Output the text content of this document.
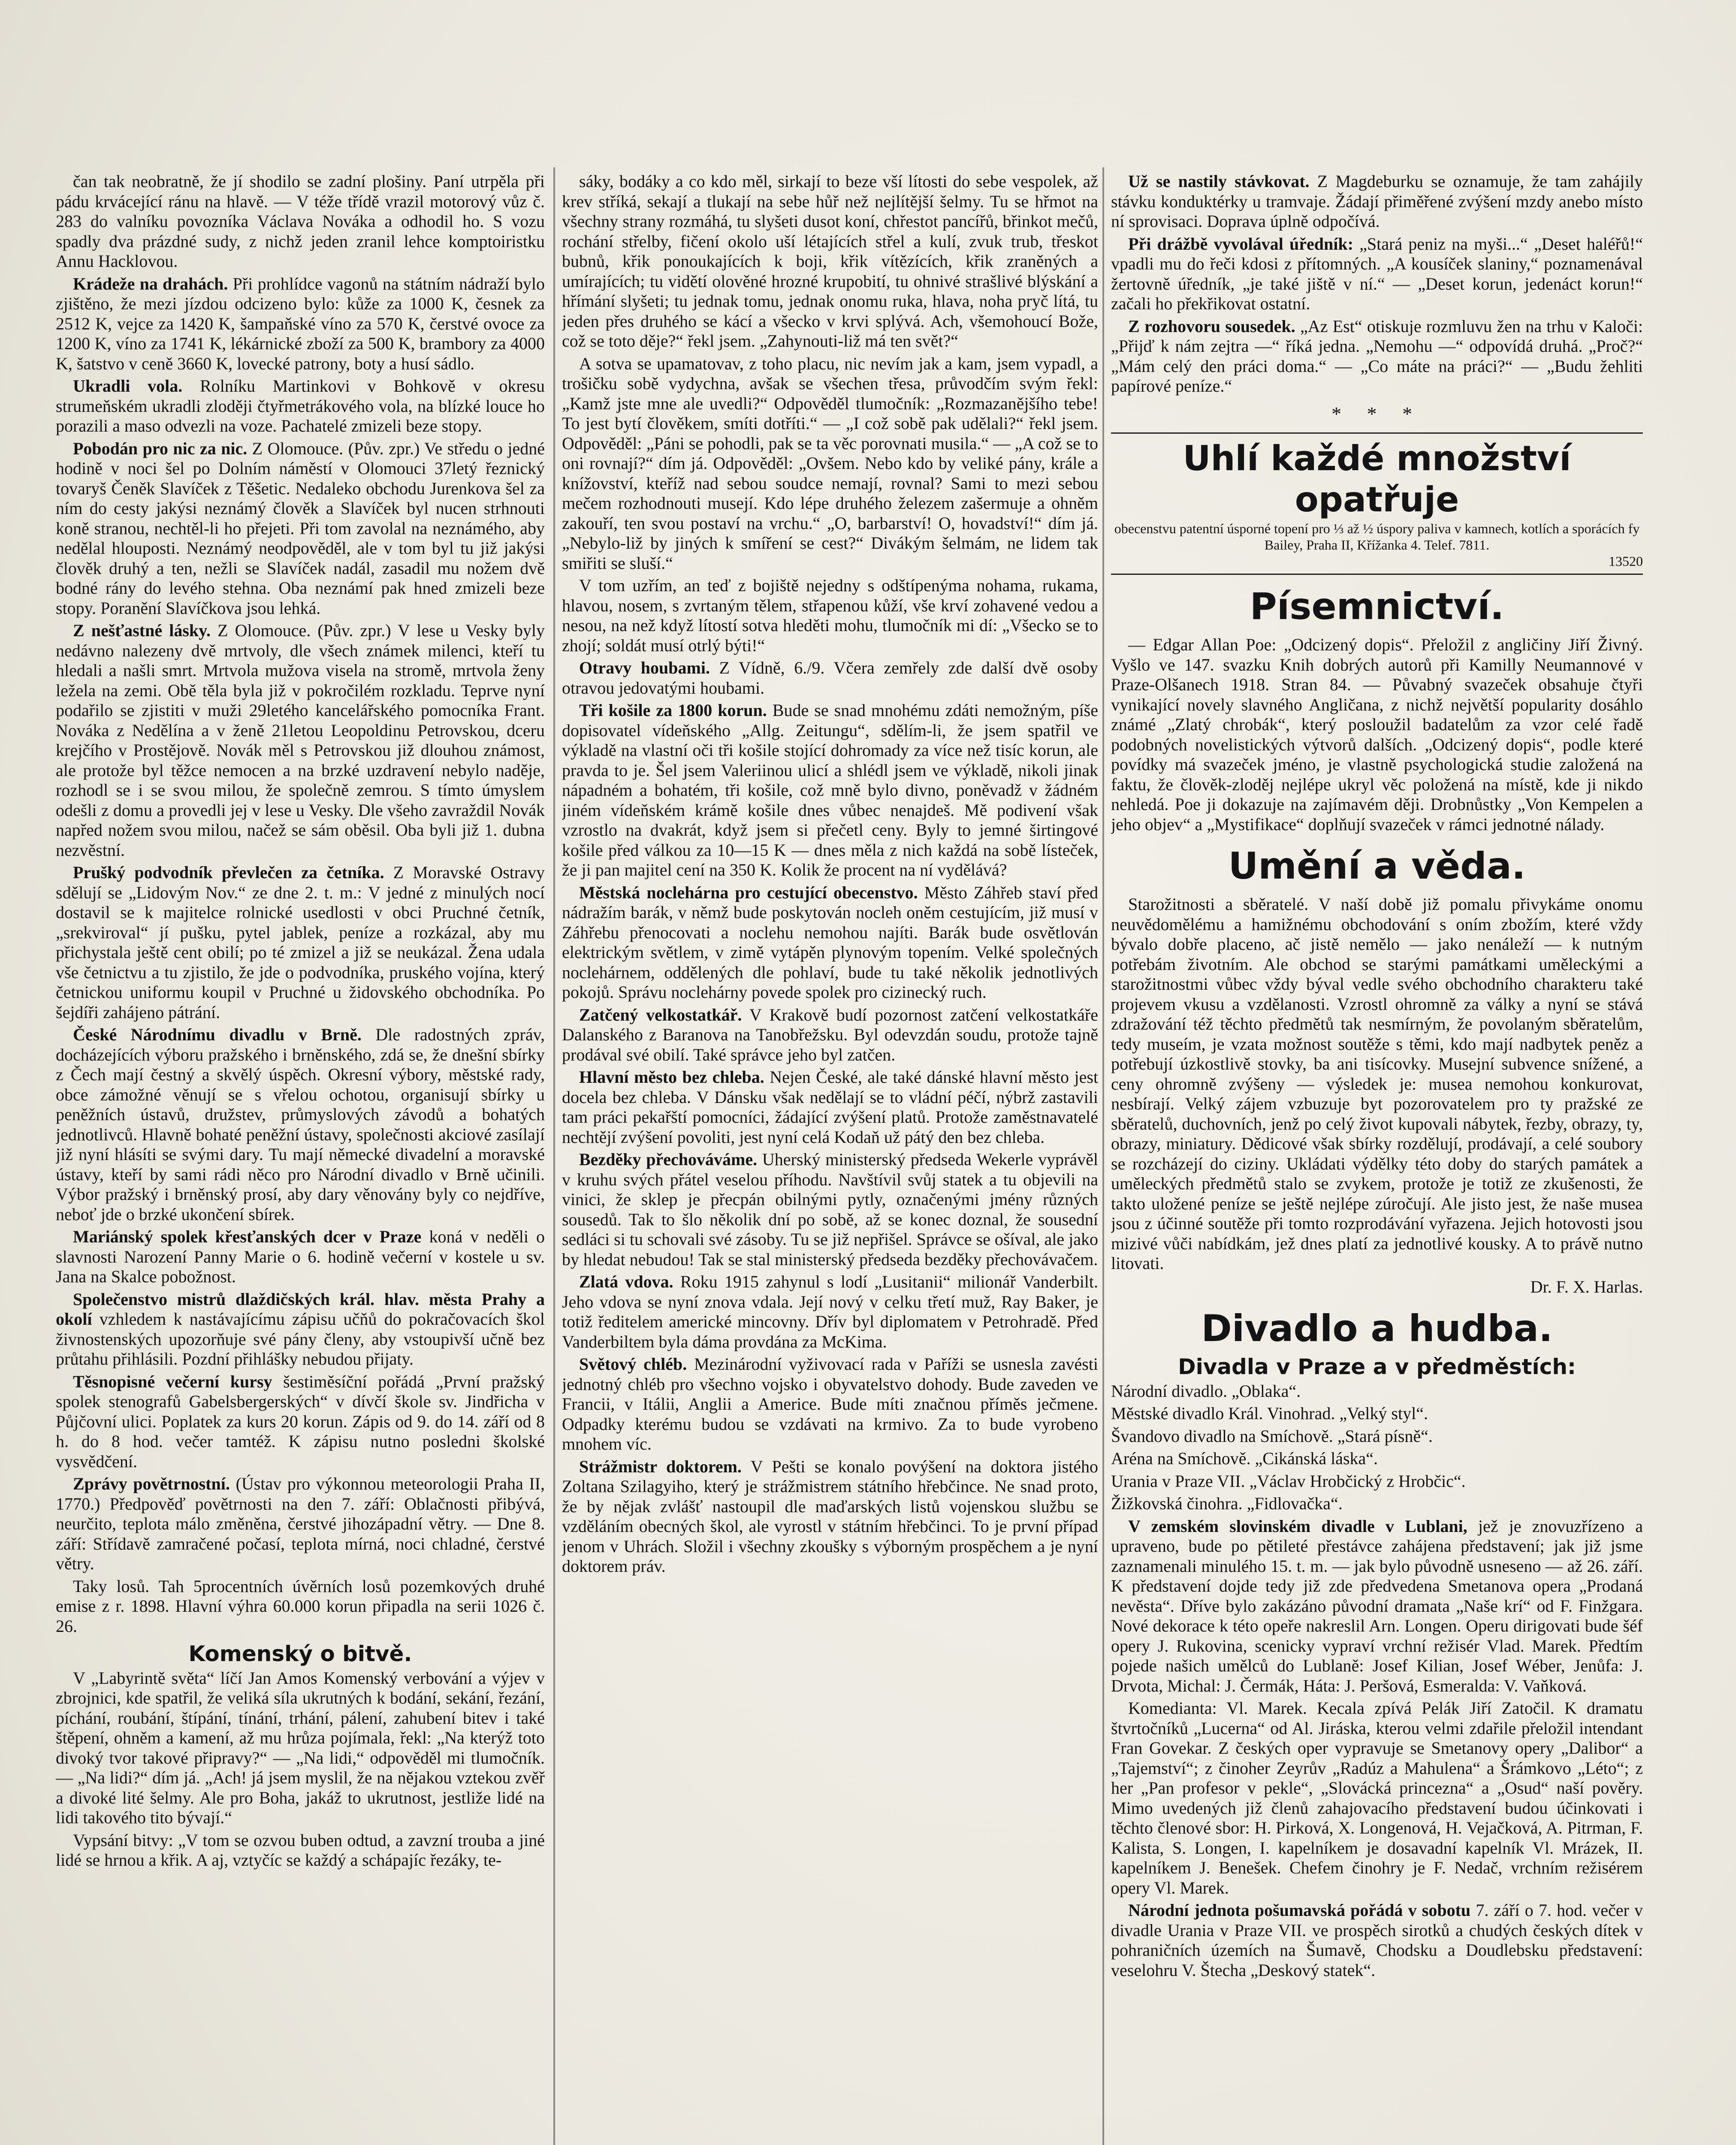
čan tak neobratně, že jí shodilo se zadní plošiny. Paní utrpěla při pádu krvácející ránu na hlavě. — V téže třídě vrazil motorový vůz č. 283 do valníku povozníka Václava Nováka a odhodil ho. S vozu spadly dva prázdné sudy, z nichž jeden zranil lehce komptoiristku Annu Hacklovou.

Krádeže na drahách. Při prohlídce vagonů na státním nádraží bylo zjištěno, že mezi jízdou odcizeno bylo: kůže za 1000 K, česnek za 2512 K, vejce za 1420 K, šampaňské víno za 570 K, čerstvé ovoce za 1200 K, víno za 1741 K, lékárnické zboží za 500 K, brambory za 4000 K, šatstvo v ceně 3660 K, lovecké patrony, boty a husí sádlo.

Ukradli vola. Rolníku Martinkovi v Bohkově v okresu strumeňském ukradli zloději čtyřmetrákového vola, na blízké louce ho porazili a maso odvezli na voze. Pachatelé zmizeli beze stopy.

Pobodán pro nic za nic. Z Olomouce. (Pův. zpr.) Ve středu o jedné hodině v noci šel po Dolním náměstí v Olomouci 37letý řeznický tovaryš Čeněk Slavíček z Těšetic. Nedaleko obchodu Jurenkova šel za ním do cesty jakýsi neznámý člověk a Slavíček byl nucen strhnouti koně stranou, nechtěl-li ho přejeti. Při tom zavolal na neznámého, aby nedělal hlouposti. Neznámý neodpověděl, ale v tom byl tu již jakýsi člověk druhý a ten, nežli se Slavíček nadál, zasadil mu nožem dvě bodné rány do levého stehna. Oba neznámí pak hned zmizeli beze stopy. Poranění Slavíčkova jsou lehká.

Z nešťastné lásky. Z Olomouce. (Pův. zpr.) V lese u Vesky byly nedávno nalezeny dvě mrtvoly, dle všech známek milenci, kteří tu hledali a našli smrt. Mrtvola mužova visela na stromě, mrtvola ženy ležela na zemi. Obě těla byla již v pokročilém rozkladu. Teprve nyní podařilo se zjistiti v muži 29letého kancelářského pomocníka Frant. Nováka z Nedělína a v ženě 21letou Leopoldinu Petrovskou, dceru krejčího v Prostějově. Novák měl s Petrovskou již dlouhou známost, ale protože byl těžce nemocen a na brzké uzdravení nebylo naděje, rozhodl se i se svou milou, že společně zemrou. S tímto úmyslem odešli z domu a provedli jej v lese u Vesky. Dle všeho zavraždil Novák napřed nožem svou milou, načež se sám oběsil. Oba byli již 1. dubna nezvěstní.

Prušký podvodník převlečen za četníka. Z Moravské Ostravy sdělují se „Lidovým Nov.“ ze dne 2. t. m.: V jedné z minulých nocí dostavil se k majitelce rolnické usedlosti v obci Pruchné četník, „srekviroval“ jí pušku, pytel jablek, peníze a rozkázal, aby mu přichystala ještě cent obilí; po té zmizel a již se neukázal. Žena udala vše četnictvu a tu zjistilo, že jde o podvodníka, pruského vojína, který četnickou uniformu koupil v Pruchné u židovského obchodníka. Po šejdíři zahájeno pátrání.

České Národnímu divadlu v Brně. Dle radostných zpráv, docházejících výboru pražského i brněnského, zdá se, že dnešní sbírky z Čech mají čestný a skvělý úspěch. Okresní výbory, městské rady, obce zámožné věnují se s vřelou ochotou, organisují sbírky u peněžních ústavů, družstev, průmyslových závodů a bohatých jednotlivců. Hlavně bohaté peněžní ústavy, společnosti akciové zasílají již nyní hlásíti se svými dary. Tu mají německé divadelní a moravské ústavy, kteří by sami rádi něco pro Národní divadlo v Brně učinili. Výbor pražský i brněnský prosí, aby dary věnovány byly co nejdříve, neboť jde o brzké ukončení sbírek.

Mariánský spolek křesťanských dcer v Praze koná v neděli o slavnosti Narození Panny Marie o 6. hodině večerní v kostele u sv. Jana na Skalce pobožnost.

Společenstvo mistrů dlaždičských král. hlav. města Prahy a okolí vzhledem k nastávajícímu zápisu učňů do pokračovacích škol živnostenských upozorňuje své pány členy, aby vstoupivší učně bez průtahu přihlásili. Pozdní přihlášky nebudou přijaty.

Těsnopisné večerní kursy šestiměsíční pořádá „První pražský spolek stenografů Gabelsbergerských“ v dívčí škole sv. Jindřicha v Půjčovní ulici. Poplatek za kurs 20 korun. Zápis od 9. do 14. září od 8 h. do 8 hod. večer tamtéž. K zápisu nutno posledni školské vysvědčení.

Zprávy povětrnostní. (Ústav pro výkonnou meteorologii Praha II, 1770.) Předpověď povětrnosti na den 7. září: Oblačnosti přibývá, neurčito, teplota málo změněna, čerstvé jihozápadní větry. — Dne 8. září: Střídavě zamračené počasí, teplota mírná, noci chladné, čerstvé větry.

Taky losů. Tah 5procentních úvěrních losů pozemkových druhé emise z r. 1898. Hlavní výhra 60.000 korun připadla na serii 1026 č. 26.

Komenský o bitvě.

V „Labyrintě světa“ líčí Jan Amos Komenský verbování a výjev v zbrojnici, kde spatřil, že veliká síla ukrutných k bodání, sekání, řezání, píchání, roubání, štípání, tínání, trhání, pálení, zahubení bitev i také štěpení, ohněm a kamení, až mu hrůza pojímala, řekl: „Na kterýž toto divoký tvor takové připravy?“ — „Na lidi,“ odpověděl mi tlumočník. — „Na lidi?“ dím já. „Ach! já jsem myslil, že na nějakou vztekou zvěř a divoké lité šelmy. Ale pro Boha, jakáž to ukrutnost, jestliže lidé na lidi takového tito bývají.“

Vypsání bitvy: „V tom se ozvou buben odtud, a zavzní trouba a jiné lidé se hrnou a křik. A aj, vztyčíc se každý a schápajíc řezáky, te-

sáky, bodáky a co kdo měl, sirkají to beze vší lítosti do sebe vespolek, až krev stříká, sekají a tlukají na sebe hůř než nejlítější šelmy. Tu se hřmot na všechny strany rozmáhá, tu slyšeti dusot koní, chřestot pancířů, břinkot mečů, rochání střelby, fičení okolo uší létajících střel a kulí, zvuk trub, třeskot bubnů, křik ponoukajících k boji, křik vítězících, křik zraněných a umírajících; tu vidětí olověné hrozné krupobití, tu ohnivé strašlivé blýskání a hřímání slyšeti; tu jednak tomu, jednak onomu ruka, hlava, noha pryč lítá, tu jeden přes druhého se kácí a všecko v krvi splývá. Ach, všemohoucí Bože, což se toto děje?“ řekl jsem. „Zahynouti-liž má ten svět?“

A sotva se upamatovav, z toho placu, nic nevím jak a kam, jsem vypadl, a trošičku sobě vydychna, avšak se všechen třesa, průvodčím svým řekl: „Kamž jste mne ale uvedli?“ Odpověděl tlumočník: „Rozmazanějšího tebe! To jest bytí člověkem, smíti dotříti.“ — „I což sobě pak udělali?“ řekl jsem. Odpověděl: „Páni se pohodli, pak se ta věc porovnati musila.“ — „A což se to oni rovnají?“ dím já. Odpověděl: „Ovšem. Nebo kdo by veliké pány, krále a knížovství, kteříž nad sebou soudce nemají, rovnal? Sami to mezi sebou mečem rozhodnouti musejí. Kdo lépe druhého železem zašermuje a ohněm zakouří, ten svou postaví na vrchu.“ „O, barbarství! O, hovadství!“ dím já. „Nebylo-liž by jiných k smíření se cest?“ Divákým šelmám, ne lidem tak smiřiti se sluší.“

V tom uzřím, an teď z bojiště nejedny s odštípenýma nohama, rukama, hlavou, nosem, s zvrtaným tělem, střapenou kůží, vše krví zohavené vedou a nesou, na než když lítostí sotva hleděti mohu, tlumočník mi dí: „Všecko se to zhojí; soldát musí otrlý býti!“

Otravy houbami. Z Vídně, 6./9. Včera zemřely zde další dvě osoby otravou jedovatými houbami.

Tři košile za 1800 korun. Bude se snad mnohému zdáti nemožným, píše dopisovatel vídeňského „Allg. Zeitungu“, sdělím-li, že jsem spatřil ve výkladě na vlastní oči tři košile stojící dohromady za více než tisíc korun, ale pravda to je. Šel jsem Valeriinou ulicí a shlédl jsem ve výkladě, nikoli jinak nápadném a bohatém, tři košile, což mně bylo divno, poněvadž v žádném jiném vídeňském krámě košile dnes vůbec nenajdeš. Mě podivení však vzrostlo na dvakrát, když jsem si přečetl ceny. Byly to jemné širtingové košile před válkou za 10—15 K — dnes měla z nich každá na sobě lísteček, že ji pan majitel cení na 350 K. Kolik že procent na ní vydělává?

Městská noclehárna pro cestující obecenstvo. Město Záhřeb staví před nádražím barák, v němž bude poskytován nocleh oněm cestujícím, již musí v Záhřebu přenocovati a noclehu nemohou najíti. Barák bude osvětlován elektrickým světlem, v zimě vytápěn plynovým topením. Velké společných noclehárnem, oddělených dle pohlaví, bude tu také několik jednotlivých pokojů. Správu noclehárny povede spolek pro cizinecký ruch.

Zatčený velkostatkář. V Krakově budí pozornost zatčení velkostatkáře Dalanského z Baranova na Tanobřežsku. Byl odevzdán soudu, protože tajně prodával své obilí. Také správce jeho byl zatčen.

Hlavní město bez chleba. Nejen České, ale také dánské hlavní město jest docela bez chleba. V Dánsku však nedělají se to vládní péčí, nýbrž zastavili tam práci pekařští pomocníci, žádající zvýšení platů. Protože zaměstnavatelé nechtějí zvýšení povoliti, jest nyní celá Kodaň už pátý den bez chleba.

Bezděky přechováváme. Uherský ministerský předseda Wekerle vyprávěl v kruhu svých přátel veselou příhodu. Navštívil svůj statek a tu objevili na vinici, že sklep je přecpán obilnými pytly, označenými jmény různých sousedů. Tak to šlo několik dní po sobě, až se konec doznal, že sousední sedláci si tu schovali své zásoby. Tu se již nepřišel. Správce se ošíval, ale jako by hledat nebudou! Tak se stal ministerský předseda bezděky přechovávačem.

Zlatá vdova. Roku 1915 zahynul s lodí „Lusitanii“ milionář Vanderbilt. Jeho vdova se nyní znova vdala. Její nový v celku třetí muž, Ray Baker, je totiž ředitelem americké mincovny. Dřív byl diplomatem v Petrohradě. Před Vanderbiltem byla dáma provdána za McKima.

Světový chléb. Mezinárodní vyživovací rada v Paříži se usnesla zavésti jednotný chléb pro všechno vojsko i obyvatelstvo dohody. Bude zaveden ve Francii, v Itálii, Anglii a Americe. Bude míti značnou příměs ječmene. Odpadky kterému budou se vzdávati na krmivo. Za to bude vyrobeno mnohem víc.

Strážmistr doktorem. V Pešti se konalo povýšení na doktora jistého Zoltana Szilagyiho, který je strážmistrem státního hřebčince. Ne snad proto, že by nějak zvlášť nastoupil dle maďarských listů vojenskou službu se vzděláním obecných škol, ale vyrostl v státním hřebčinci. To je první případ jenom v Uhrách. Složil i všechny zkoušky s výborným prospěchem a je nyní doktorem práv.

Už se nastily stávkovat. Z Magdeburku se oznamuje, že tam zahájily stávku konduktérky u tramvaje. Žádají přiměřené zvýšení mzdy anebo místo ní sprovisaci. Doprava úplně odpočívá.

Při drážbě vyvolával úředník: „Stará peniz na myši...“ „Deset haléřů!“ vpadli mu do řeči kdosi z přítomných. „A kousíček slaniny,“ poznamenával žertovně úředník, „je také jiště v ní.“ — „Deset korun, jedenáct korun!“ začali ho překřikovat ostatní.

Z rozhovoru sousedek. „Az Est“ otiskuje rozmluvu žen na trhu v Kaloči: „Přijď k nám zejtra —“ říká jedna. „Nemohu —“ odpovídá druhá. „Proč?“ „Mám celý den práci doma.“ — „Co máte na práci?“ — „Budu žehliti papírové peníze.“

* * *
Uhlí každé množství opatřuje
obecenstvu patentní úsporné topení pro ⅓ až ½ úspory paliva v kamnech, kotlích a sporácích fy Bailey, Praha II, Křížanka 4. Telef. 7811.
13520
Písemnictví.

— Edgar Allan Poe: „Odcizený dopis“. Přeložil z angličiny Jiří Živný. Vyšlo ve 147. svazku Knih dobrých autorů při Kamilly Neumannové v Praze-Olšanech 1918. Stran 84. — Půvabný svazeček obsahuje čtyři vynikající novely slavného Angličana, z nichž největší popularity dosáhlo známé „Zlatý chrobák“, který posloužil badatelům za vzor celé řadě podobných novelistických výtvorů dalších. „Odcizený dopis“, podle které povídky má svazeček jméno, je vlastně psychologická studie založená na faktu, že člověk-zloděj nejlépe ukryl věc položená na místě, kde ji nikdo nehledá. Poe ji dokazuje na zajímavém ději. Drobnůstky „Von Kempelen a jeho objev“ a „Mystifikace“ doplňují svazeček v rámci jednotné nálady.

Umění a věda.

Starožitnosti a sběratelé. V naší době již pomalu přivykáme onomu neuvědomělému a hamižnému obchodování s oním zbožím, které vždy bývalo dobře placeno, ač jistě nemělo — jako nenáleží — k nutným potřebám životním. Ale obchod se starými památkami uměleckými a starožitnostmi vůbec vždy býval vedle svého obchodního charakteru také projevem vkusu a vzdělanosti. Vzrostl ohromně za války a nyní se stává zdražování též těchto předmětů tak nesmírným, že povolaným sběratelům, tedy museím, je vzata možnost soutěže s těmi, kdo mají nadbytek peněz a potřebují úzkostlivě stovky, ba ani tisícovky. Musejní subvence snížené, a ceny ohromně zvýšeny — výsledek je: musea nemohou konkurovat, nesbírají. Velký zájem vzbuzuje byt pozorovatelem pro ty pražské ze sběratelů, duchovních, jenž po celý život kupovali nábytek, řezby, obrazy, ty, obrazy, miniatury. Dědicové však sbírky rozdělují, prodávají, a celé soubory se rozcházejí do ciziny. Ukládati výdělky této doby do starých památek a uměleckých předmětů stalo se zvykem, protože je totiž ze zkušenosti, že takto uložené peníze se ještě nejlépe zúročují. Ale jisto jest, že naše musea jsou z účinné soutěže při tomto rozprodávání vyřazena. Jejich hotovosti jsou mizivé vůči nabídkám, jež dnes platí za jednotlivé kousky. A to právě nutno litovati.

Dr. F. X. Harlas.
Divadlo a hudba.
Divadla v Praze a v předměstích:

Národní divadlo. „Oblaka“.

Městské divadlo Král. Vinohrad. „Velký styl“.

Švandovo divadlo na Smíchově. „Stará písně“.

Aréna na Smíchově. „Cikánská láska“.

Urania v Praze VII. „Václav Hrobčický z Hrobčic“.

Žižkovská činohra. „Fidlovačka“.

V zemském slovinském divadle v Lublani, jež je znovuzřízeno a upraveno, bude po pětileté přestávce zahájena představení; jak již jsme zaznamenali minulého 15. t. m. — jak bylo původně usneseno — až 26. září. K představení dojde tedy již zde předvedena Smetanova opera „Prodaná nevěsta“. Dříve bylo zakázáno původní dramata „Naše krí“ od F. Finžgara. Nové dekorace k této opeře nakreslil Arn. Longen. Operu dirigovati bude šéf opery J. Rukovina, scenicky vypraví vrchní režisér Vlad. Marek. Předtím pojede našich umělců do Lublaně: Josef Kilian, Josef Wéber, Jenůfa: J. Drvota, Michal: J. Čermák, Háta: J. Peršová, Esmeralda: V. Vaňková.

Komedianta: Vl. Marek. Kecala zpívá Pelák Jiří Zatočil. K dramatu štvrtočníků „Lucerna“ od Al. Jiráska, kterou velmi zdařile přeložil intendant Fran Govekar. Z českých oper vypravuje se Smetanovy opery „Dalibor“ a „Tajemství“; z činoher Zeyrův „Radúz a Mahulena“ a Šrámkovo „Léto“; z her „Pan profesor v pekle“, „Slovácká princezna“ a „Osud“ naší pověry. Mimo uvedených již členů zahajovacího představení budou účinkovati i těchto členové sbor: H. Pirková, X. Longenová, H. Vejačková, A. Pitrman, F. Kalista, S. Longen, I. kapelníkem je dosavadní kapelník Vl. Mrázek, II. kapelníkem J. Benešek. Chefem činohry je F. Nedač, vrchním režisérem opery Vl. Marek.

Národní jednota pošumavská pořádá v sobotu 7. září o 7. hod. večer v divadle Urania v Praze VII. ve prospěch sirotků a chudých českých dítek v pohraničních územích na Šumavě, Chodsku a Doudlebsku představení: veselohru V. Štecha „Deskový statek“.
